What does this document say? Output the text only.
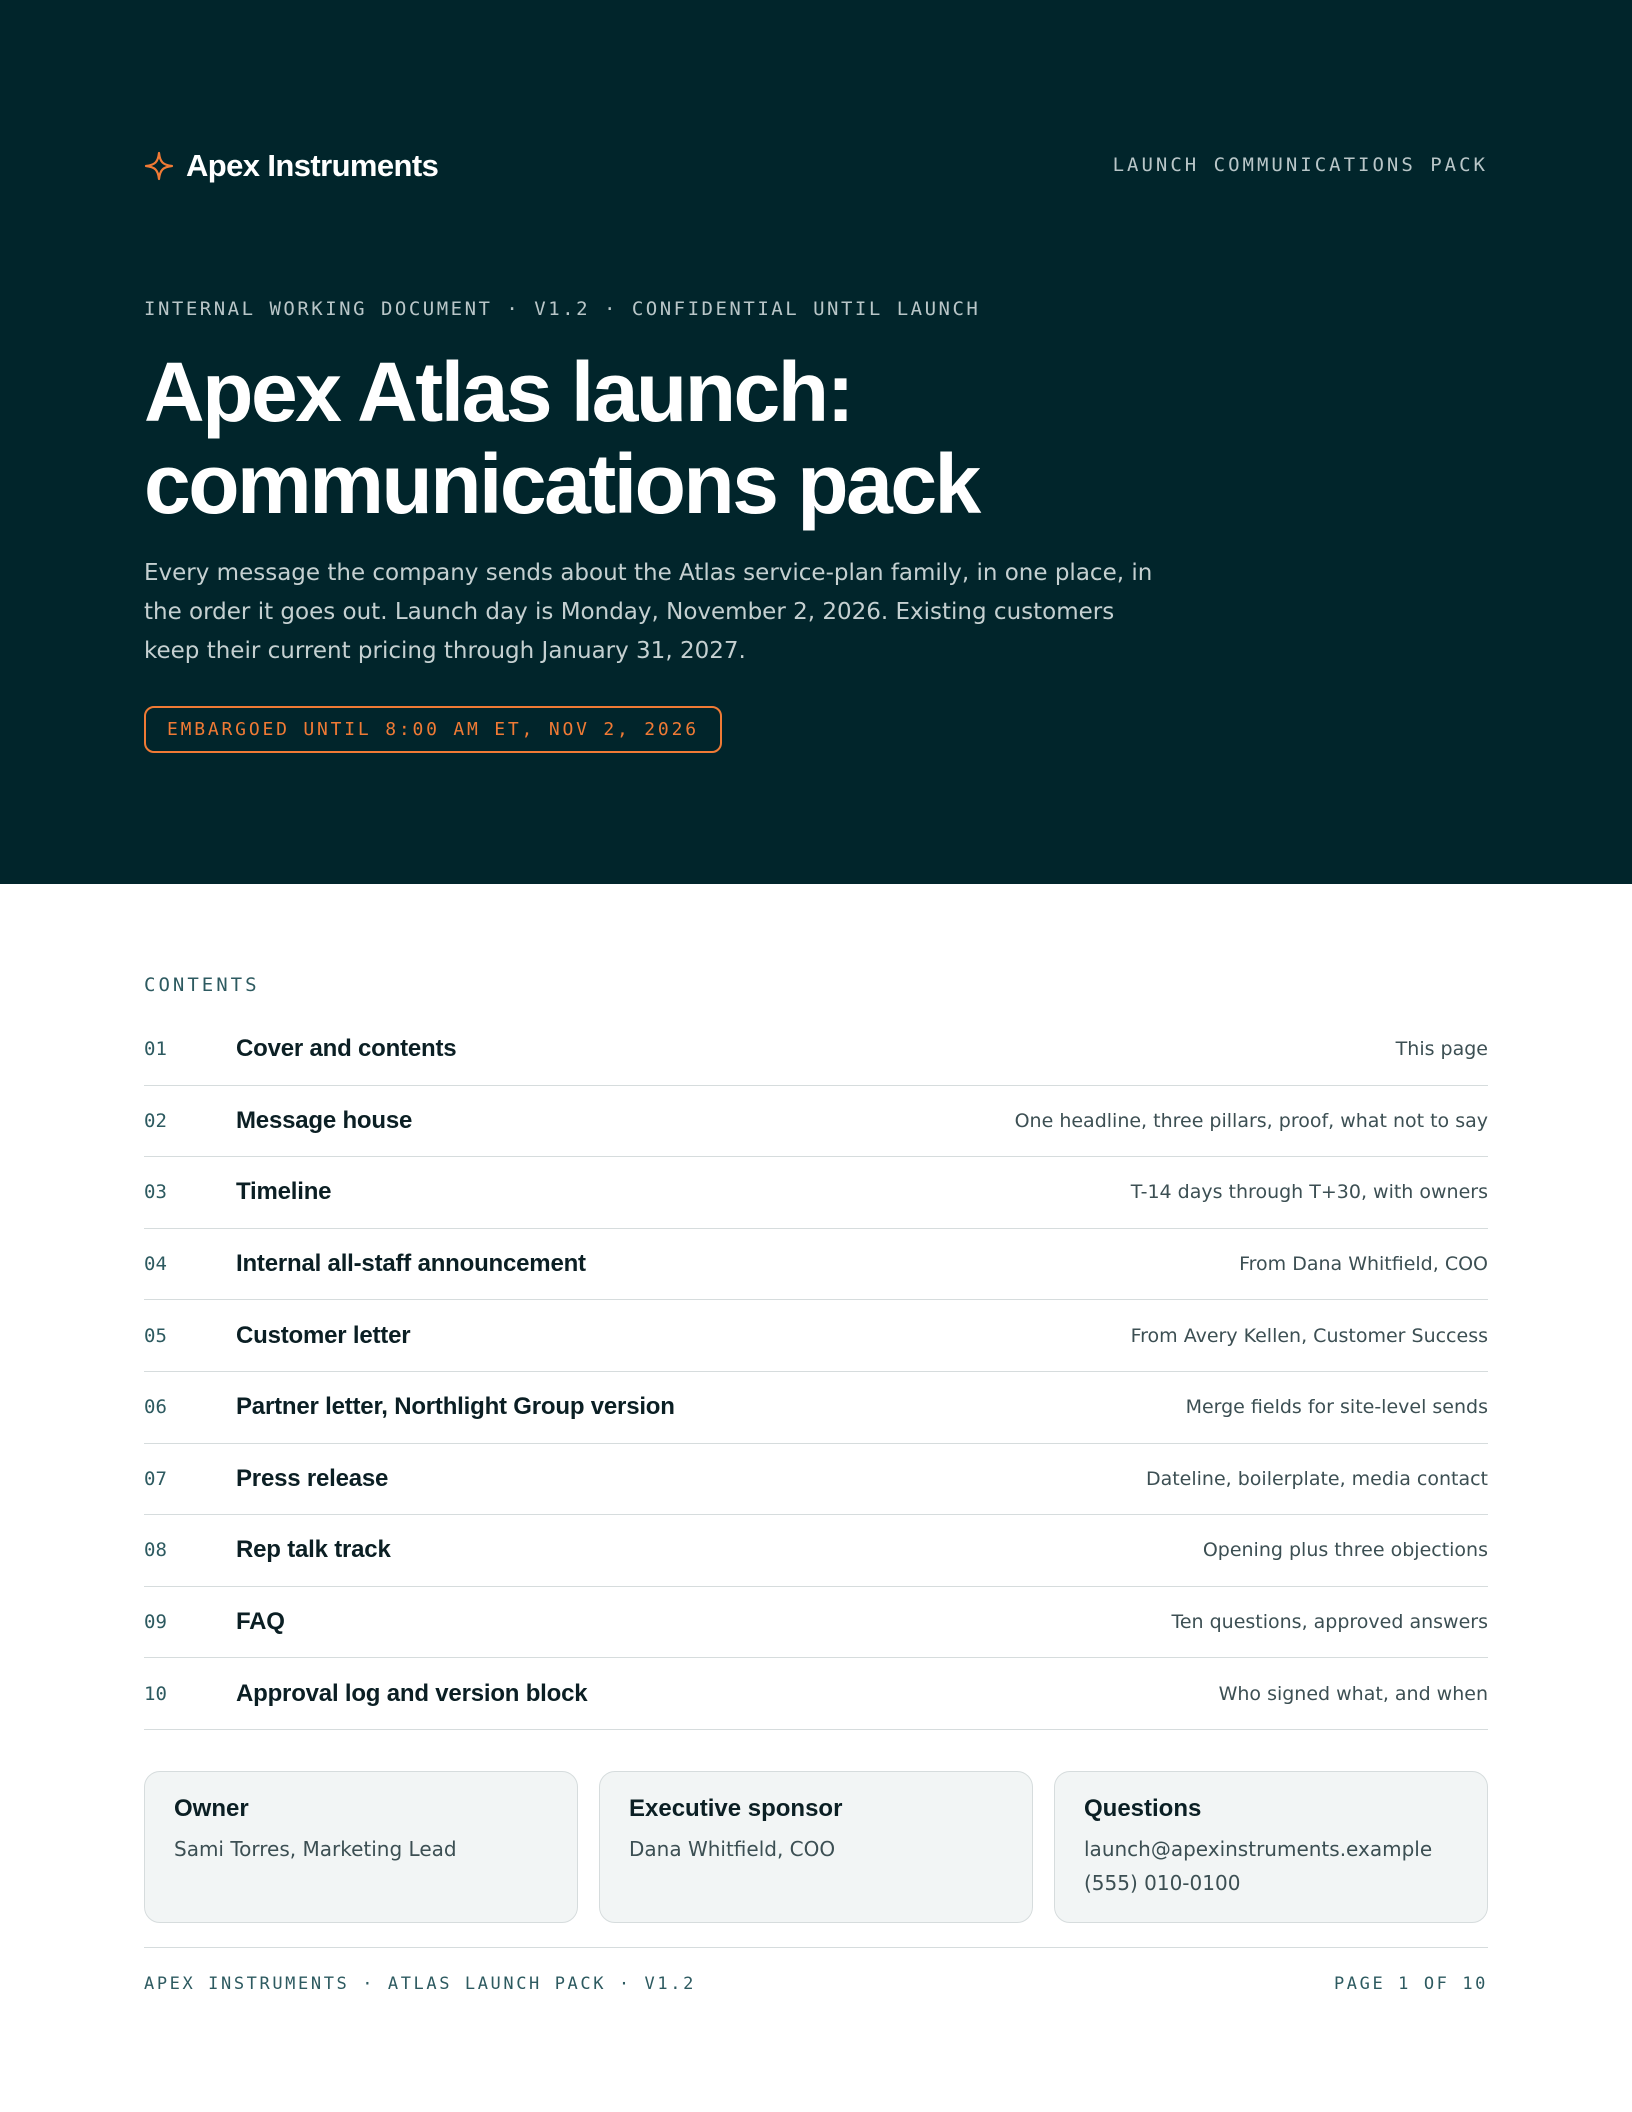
Apex Instruments	LAUNCH COMMUNICATIONS PACK
INTERNAL WORKING DOCUMENT · V1.2 · CONFIDENTIAL UNTIL LAUNCH
Apex Atlas launch:
communications pack

Every message the company sends about the Atlas service-plan family, in one place, in the order it goes out. Launch day is Monday, November 2, 2026. Existing customers keep their current pricing through January 31, 2027.

EMBARGOED UNTIL 8:00 AM ET, NOV 2, 2026
CONTENTS
01	Cover and contents	This page
02	Message house	One headline, three pillars, proof, what not to say
03	Timeline	T-14 days through T+30, with owners
04	Internal all-staff announcement	From Dana Whitfield, COO
05	Customer letter	From Avery Kellen, Customer Success
06	Partner letter, Northlight Group version	Merge fields for site-level sends
07	Press release	Dateline, boilerplate, media contact
08	Rep talk track	Opening plus three objections
09	FAQ	Ten questions, approved answers
10	Approval log and version block	Who signed what, and when
Owner
Sami Torres, Marketing Lead
Executive sponsor
Dana Whitfield, COO
Questions
launch@apexinstruments.example
(555) 010-0100
APEX INSTRUMENTS · ATLAS LAUNCH PACK · V1.2	PAGE 1 OF 10
